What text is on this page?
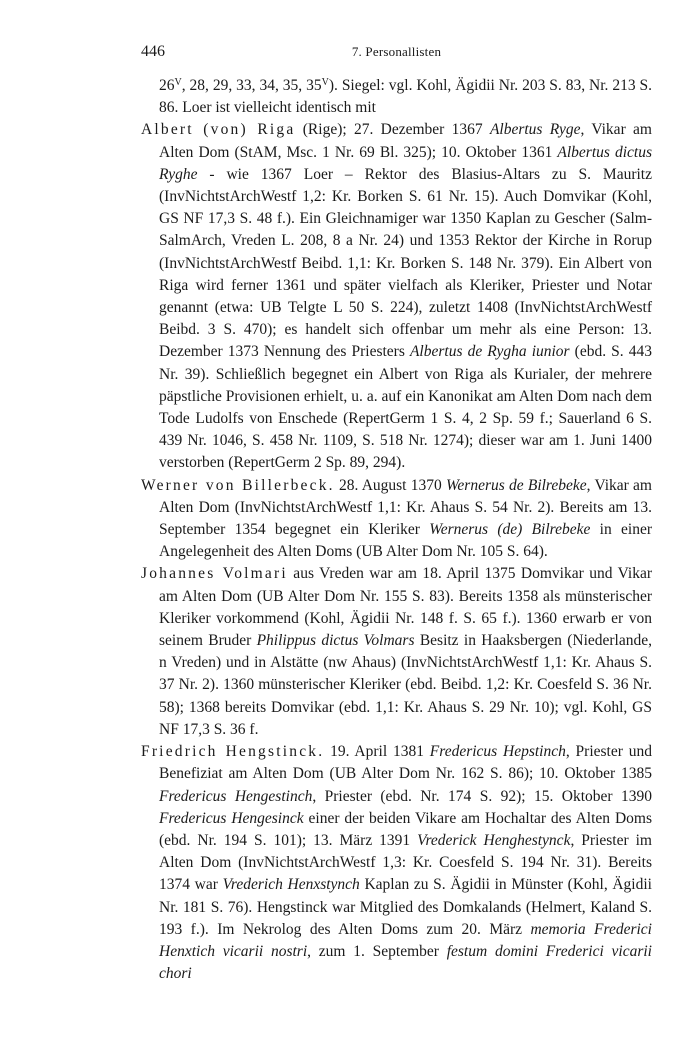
446	7. Personallisten

$26^V$, 28, 29, 33, 34, 35, $35^V$). Siegel: vgl. Kohl, Ägidii Nr. 203 S. 83, Nr. 213 S. 86. Loer ist vielleicht identisch mit

Albert (von) Riga (Rige); 27. Dezember 1367 Albertus Ryge, Vikar am Alten Dom (StAM, Msc. 1 Nr. 69 Bl. 325); 10. Oktober 1361 Albertus dictus Ryghe - wie 1367 Loer – Rektor des Blasius-Altars zu S. Mauritz (InvNichtstArchWestf 1,2: Kr. Borken S. 61 Nr. 15). Auch Domvikar (Kohl, GS NF 17,3 S. 48 f.). Ein Gleichnamiger war 1350 Kaplan zu Gescher (Salm-SalmArch, Vreden L. 208, 8 a Nr. 24) und 1353 Rektor der Kirche in Rorup (InvNichtstArchWestf Beibd. 1,1: Kr. Borken S. 148 Nr. 379). Ein Albert von Riga wird ferner 1361 und später vielfach als Kleriker, Priester und Notar genannt (etwa: UB Telgte L 50 S. 224), zuletzt 1408 (InvNichtstArchWestf Beibd. 3 S. 470); es handelt sich offenbar um mehr als eine Person: 13. Dezember 1373 Nennung des Priesters Albertus de Rygha iunior (ebd. S. 443 Nr. 39). Schließlich begegnet ein Albert von Riga als Kurialer, der mehrere päpstliche Provisionen erhielt, u. a. auf ein Kanonikat am Alten Dom nach dem Tode Ludolfs von Enschede (RepertGerm 1 S. 4, 2 Sp. 59 f.; Sauerland 6 S. 439 Nr. 1046, S. 458 Nr. 1109, S. 518 Nr. 1274); dieser war am 1. Juni 1400 verstorben (RepertGerm 2 Sp. 89, 294).

Werner von Billerbeck. 28. August 1370 Wernerus de Bilrebeke, Vikar am Alten Dom (InvNichtstArchWestf 1,1: Kr. Ahaus S. 54 Nr. 2). Bereits am 13. September 1354 begegnet ein Kleriker Wernerus (de) Bilrebeke in einer Angelegenheit des Alten Doms (UB Alter Dom Nr. 105 S. 64).

Johannes Volmari aus Vreden war am 18. April 1375 Domvikar und Vikar am Alten Dom (UB Alter Dom Nr. 155 S. 83). Bereits 1358 als münsterischer Kleriker vorkommend (Kohl, Ägidii Nr. 148 f. S. 65 f.). 1360 erwarb er von seinem Bruder Philippus dictus Volmars Besitz in Haaksbergen (Niederlande, n Vreden) und in Alstätte (nw Ahaus) (InvNichtstArchWestf 1,1: Kr. Ahaus S. 37 Nr. 2). 1360 münsterischer Kleriker (ebd. Beibd. 1,2: Kr. Coesfeld S. 36 Nr. 58); 1368 bereits Domvikar (ebd. 1,1: Kr. Ahaus S. 29 Nr. 10); vgl. Kohl, GS NF 17,3 S. 36 f.

Friedrich Hengstinck. 19. April 1381 Fredericus Hepstinch, Priester und Benefiziat am Alten Dom (UB Alter Dom Nr. 162 S. 86); 10. Oktober 1385 Fredericus Hengestinch, Priester (ebd. Nr. 174 S. 92); 15. Oktober 1390 Fredericus Hengesinck einer der beiden Vikare am Hochaltar des Alten Doms (ebd. Nr. 194 S. 101); 13. März 1391 Vrederick Henghestynck, Priester im Alten Dom (InvNichtstArchWestf 1,3: Kr. Coesfeld S. 194 Nr. 31). Bereits 1374 war Vrederich Henxstynch Kaplan zu S. Ägidii in Münster (Kohl, Ägidii Nr. 181 S. 76). Hengstinck war Mitglied des Domkalands (Helmert, Kaland S. 193 f.). Im Nekrolog des Alten Doms zum 20. März memoria Frederici Henxtich vicarii nostri, zum 1. September festum domini Frederici vicarii chori
